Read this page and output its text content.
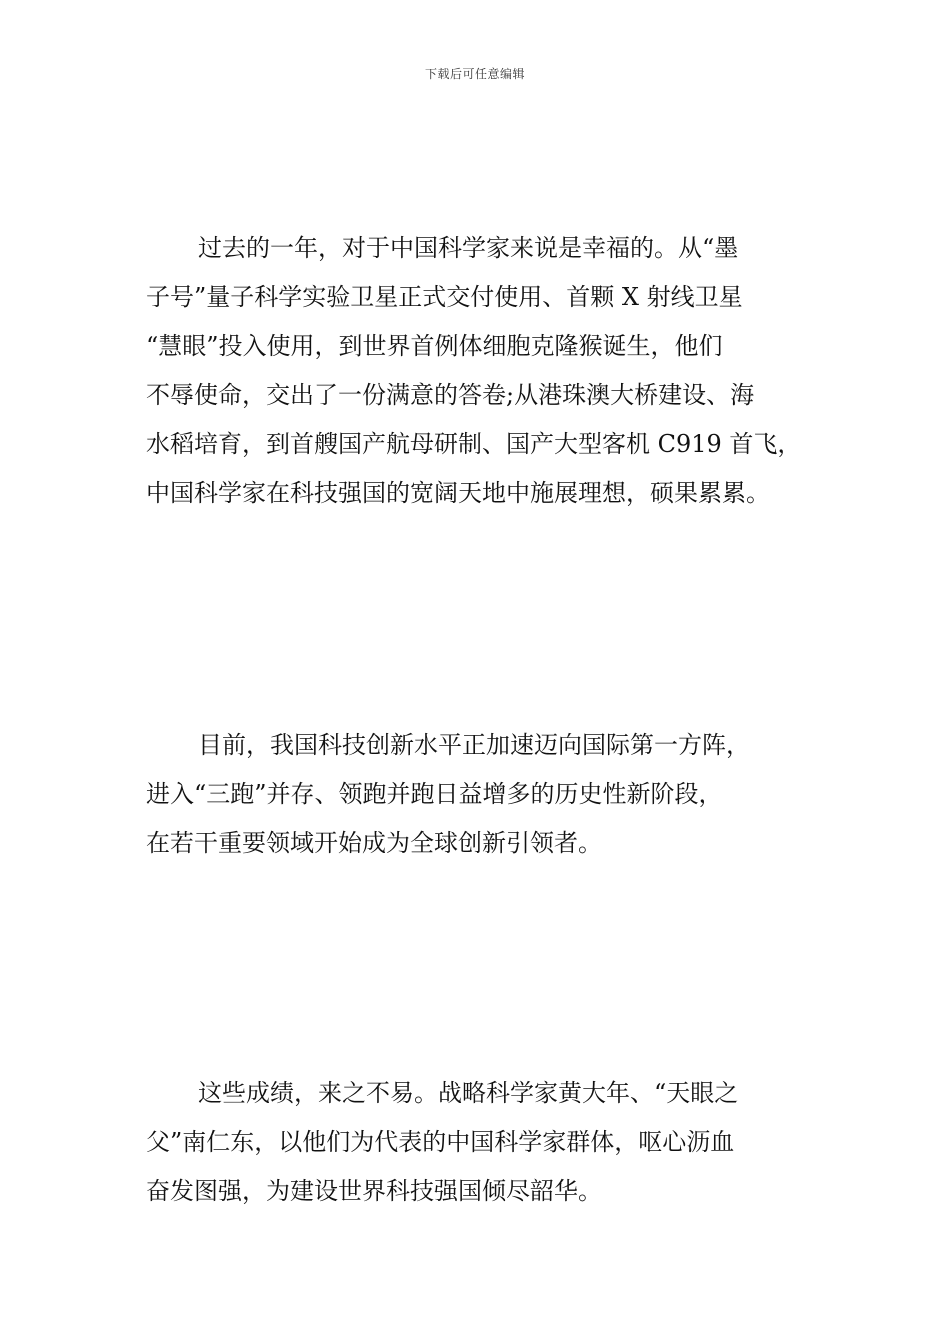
下载后可任意编辑
过去的一年，对于中国科学家来说是幸福的。从“墨
子号”量子科学实验卫星正式交付使用、首颗 X 射线卫星
“慧眼”投入使用，到世界首例体细胞克隆猴诞生，他们
不辱使命，交出了一份满意的答卷;从港珠澳大桥建设、海
水稻培育，到首艘国产航母研制、国产大型客机 C919 首飞，
中国科学家在科技强国的宽阔天地中施展理想，硕果累累。
目前，我国科技创新水平正加速迈向国际第一方阵，
进入“三跑”并存、领跑并跑日益增多的历史性新阶段，
在若干重要领域开始成为全球创新引领者。
这些成绩，来之不易。战略科学家黄大年、“天眼之
父”南仁东，以他们为代表的中国科学家群体，呕心沥血
奋发图强，为建设世界科技强国倾尽韶华。
